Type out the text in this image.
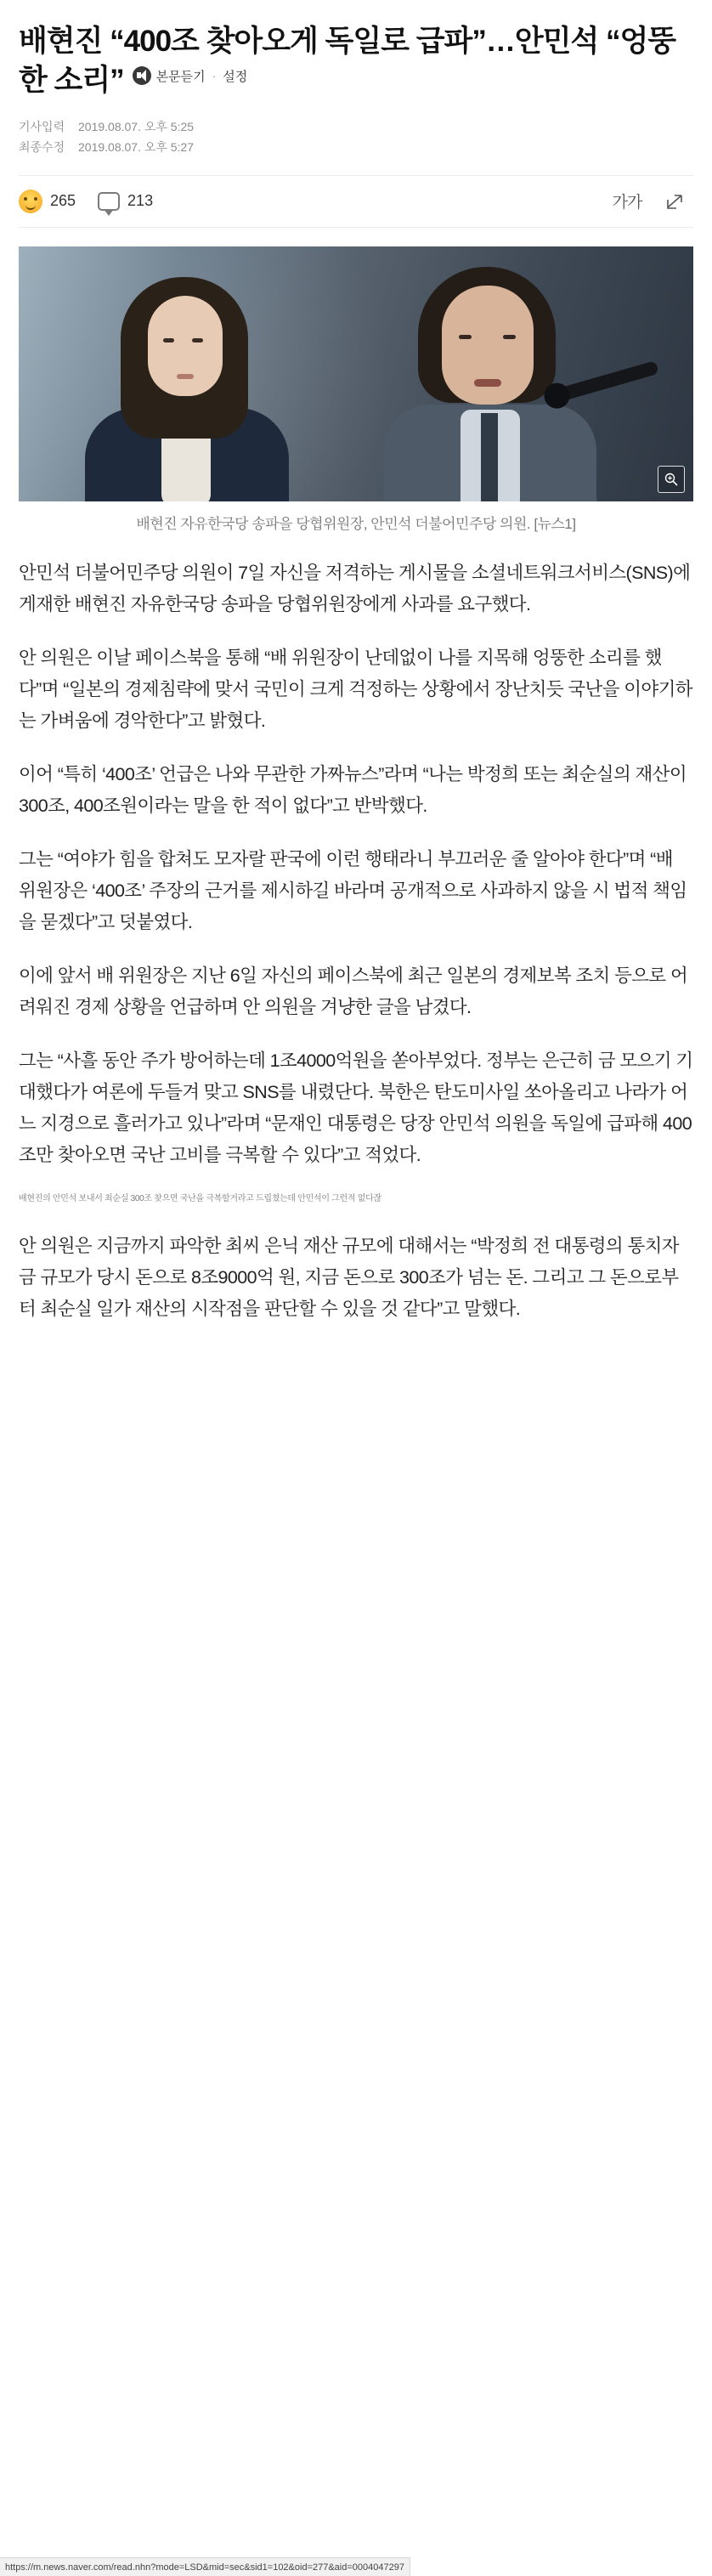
배현진 “400조 찾아오게 독일로 급파”…안민석 “엉뚱한 소리”	본문듣기 · 설정
기사입력 2019.08.07. 오후 5:25
최종수정 2019.08.07. 오후 5:27
265	213	가가
배현진 자유한국당 송파을 당협위원장, 안민석 더불어민주당 의원. [뉴스1]

안민석 더불어민주당 의원이 7일 자신을 저격하는 게시물을 소셜네트워크서비스(SNS)에 게재한 배현진 자유한국당 송파을 당협위원장에게 사과를 요구했다.

안 의원은 이날 페이스북을 통해 “배 위원장이 난데없이 나를 지목해 엉뚱한 소리를 했다”며 “일본의 경제침략에 맞서 국민이 크게 걱정하는 상황에서 장난치듯 국난을 이야기하는 가벼움에 경악한다”고 밝혔다.

이어 “특히 ‘400조’ 언급은 나와 무관한 가짜뉴스”라며 “나는 박정희 또는 최순실의 재산이 300조, 400조원이라는 말을 한 적이 없다”고 반박했다.

그는 “여야가 힘을 합쳐도 모자랄 판국에 이런 행태라니 부끄러운 줄 알아야 한다”며 “배 위원장은 ‘400조’ 주장의 근거를 제시하길 바라며 공개적으로 사과하지 않을 시 법적 책임을 묻겠다”고 덧붙였다.

이에 앞서 배 위원장은 지난 6일 자신의 페이스북에 최근 일본의 경제보복 조치 등으로 어려워진 경제 상황을 언급하며 안 의원을 겨냥한 글을 남겼다.

그는 “사흘 동안 주가 방어하는데 1조4000억원을 쏟아부었다. 정부는 은근히 금 모으기 기대했다가 여론에 두들겨 맞고 SNS를 내렸단다. 북한은 탄도미사일 쏘아올리고 나라가 어느 지경으로 흘러가고 있나”라며 “문재인 대통령은 당장 안민석 의원을 독일에 급파해 400조만 찾아오면 국난 고비를 극복할 수 있다”고 적었다.

배현진의 안민석 보내서 최순실 300조 찾으면 국난을 극복할거라고 드립쳤는데 안민석이 그런적 없다잖

안 의원은 지금까지 파악한 최씨 은닉 재산 규모에 대해서는 “박정희 전 대통령의 통치자금 규모가 당시 돈으로 8조9000억 원, 지금 돈으로 300조가 넘는 돈. 그리고 그 돈으로부터 최순실 일가 재산의 시작점을 판단할 수 있을 것 같다”고 말했다.

https://m.news.naver.com/read.nhn?mode=LSD&mid=sec&sid1=102&oid=277&aid=0004047297
